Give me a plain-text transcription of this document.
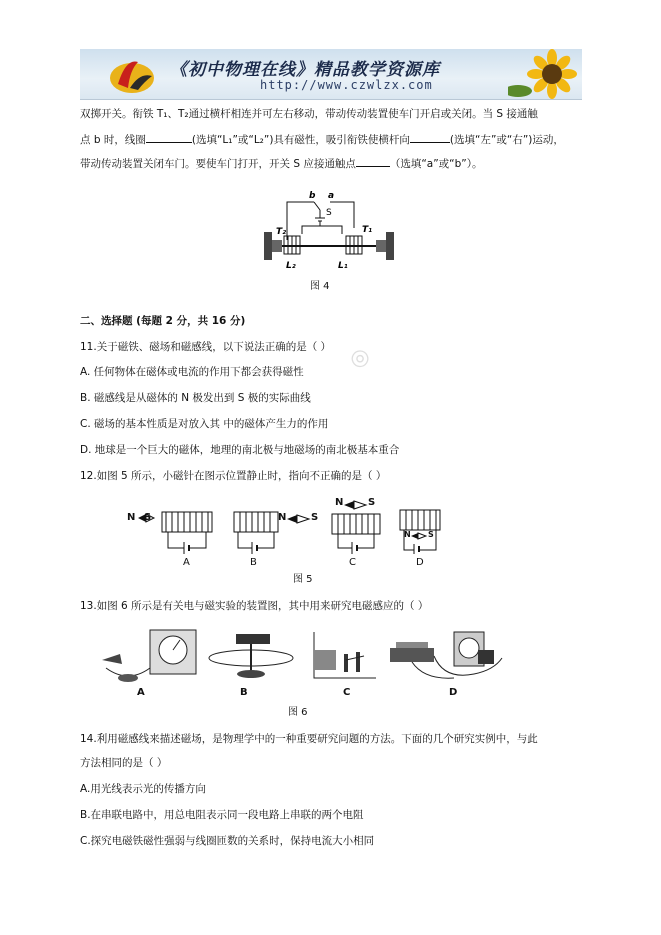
《初中物理在线》精品教学资源库
http://www.czwlzx.com
双掷开关。衔铁 T₁、T₂通过横杆相连并可左右移动，带动传动装置使车门开启或关闭。当 S 接通触
点 b 时，线圈	(选填“L₁”或“L₂”)具有磁性，吸引衔铁使横杆向	(选填“左”或“右”)运动，
带动传动装置关闭车门。要使车门打开，开关 S 应接通触点	（选填“a”或“b”）。
b a
S
T₁
T₂
L₁
L₂
图 4
二、选择题 (每题 2 分，共 16 分)
11.关于磁铁、磁场和磁感线，以下说法正确的是（ ）
A. 任何物体在磁体或电流的作用下都会获得磁性
B. 磁感线是从磁体的 N 极发出到 S 极的实际曲线
C. 磁场的基本性质是对放入其 中的磁体产生力的作用
D. 地球是一个巨大的磁体，地理的南北极与地磁场的南北极基本重合
◎
12.如图 5 所示，小磁针在图示位置静止时，指向不正确的是（ ）
N S
A
N S
B
N S
C
N S
D
图 5
13.如图 6 所示是有关电与磁实验的装置图，其中用来研究电磁感应的（ ）
A	B	C	D
图 6
14.利用磁感线来描述磁场，是物理学中的一种重要研究问题的方法。下面的几个研究实例中，与此
方法相同的是（ ）
A.用光线表示光的传播方向
B.在串联电路中，用总电阻表示同一段电路上串联的两个电阻
C.探究电磁铁磁性强弱与线圈匝数的关系时，保持电流大小相同
